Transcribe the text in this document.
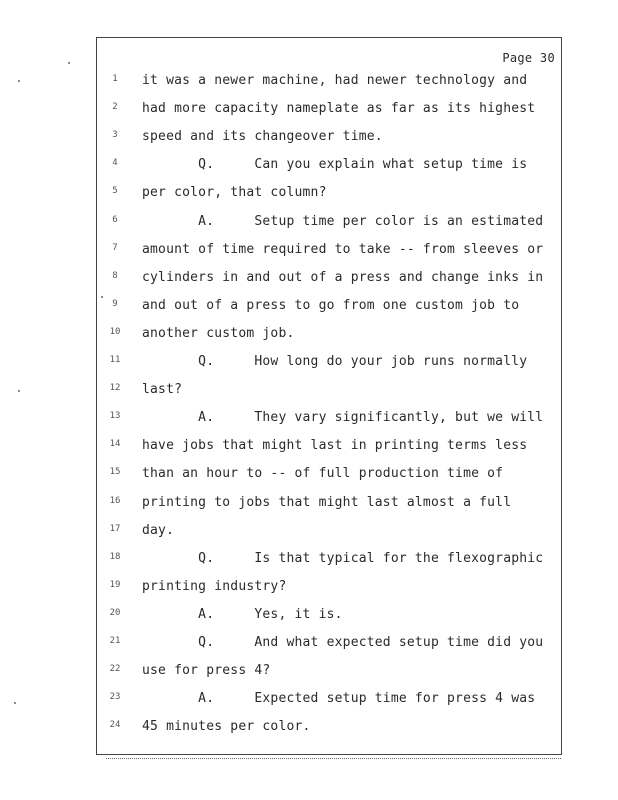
Page 30
1	it was a newer machine, had newer technology and
2	had more capacity nameplate as far as its highest
3	speed and its changeover time.
4	Q.     Can you explain what setup time is
5	per color, that column?
6	A.     Setup time per color is an estimated
7	amount of time required to take -- from sleeves or
8	cylinders in and out of a press and change inks in
9	and out of a press to go from one custom job to
10	another custom job.
11	Q.     How long do your job runs normally
12	last?
13	A.     They vary significantly, but we will
14	have jobs that might last in printing terms less
15	than an hour to -- of full production time of
16	printing to jobs that might last almost a full
17	day.
18	Q.     Is that typical for the flexographic
19	printing industry?
20	A.     Yes, it is.
21	Q.     And what expected setup time did you
22	use for press 4?
23	A.     Expected setup time for press 4 was
24	45 minutes per color.
